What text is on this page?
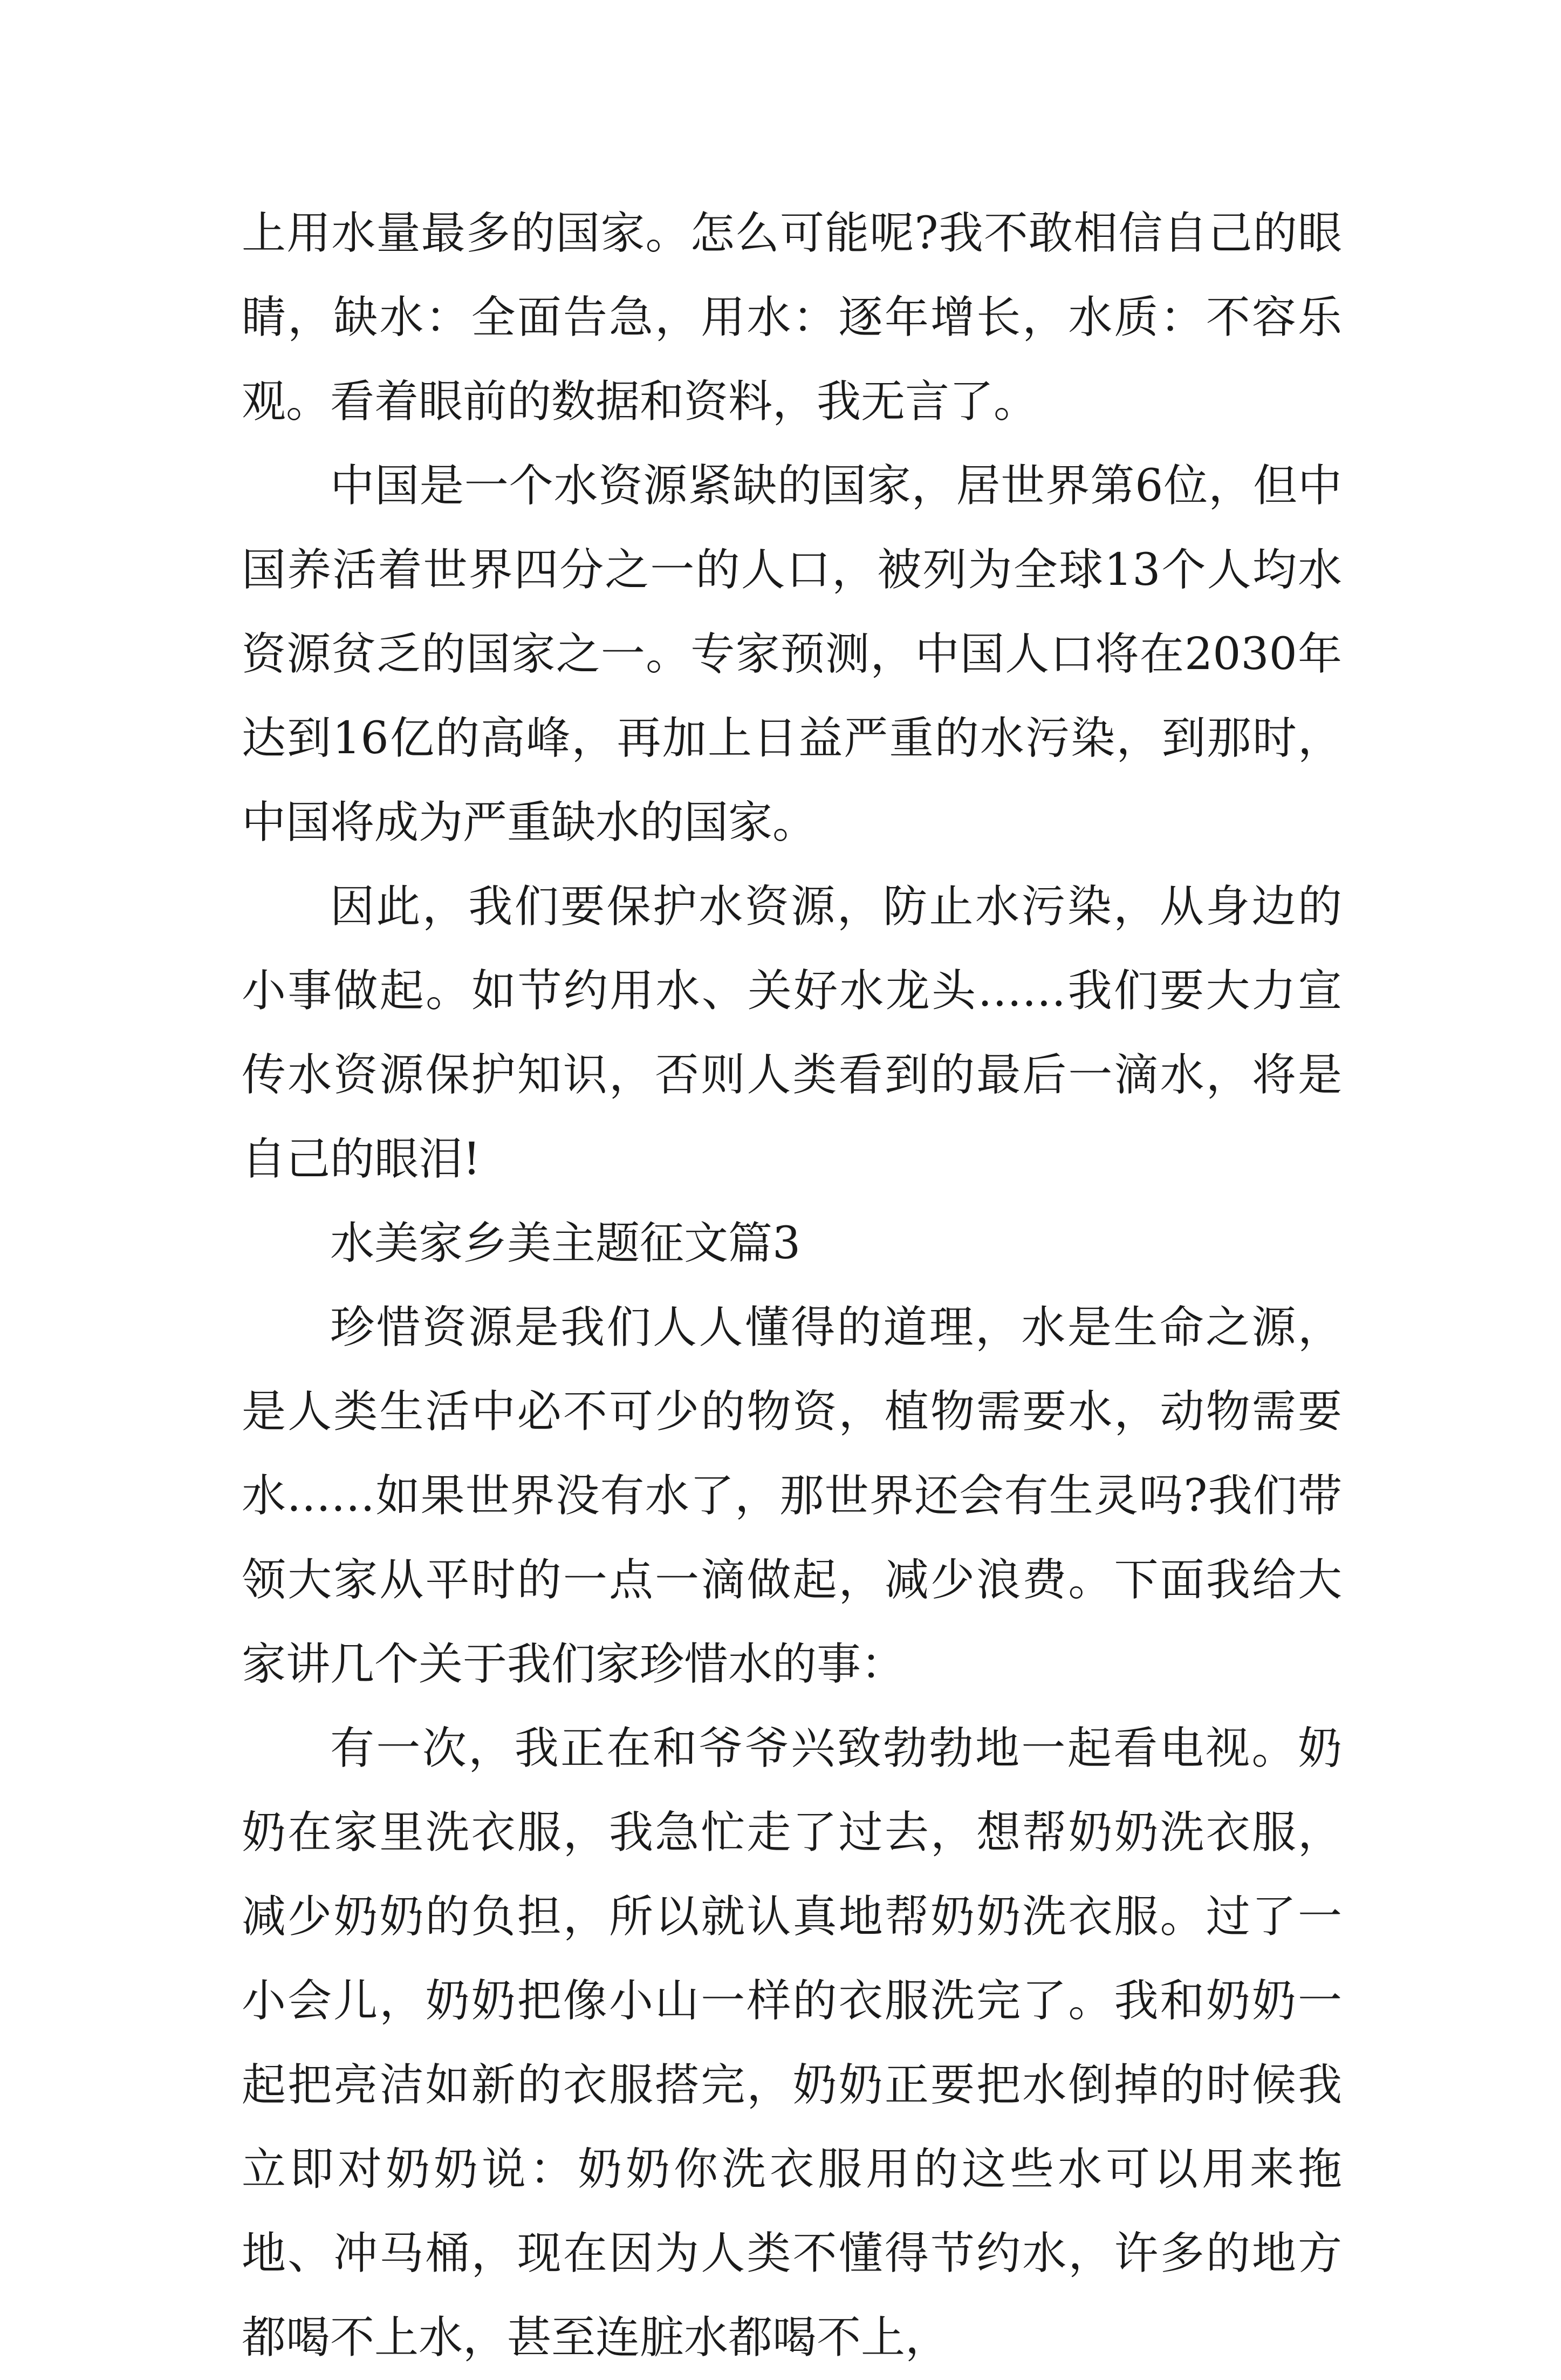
上用水量最多的国家。怎么可能呢?我不敢相信自己的眼睛，缺水：全面告急，用水：逐年增长，水质：不容乐观。看着眼前的数据和资料，我无言了。

中国是一个水资源紧缺的国家，居世界第6位，但中国养活着世界四分之一的人口，被列为全球13个人均水资源贫乏的国家之一。专家预测，中国人口将在2030年达到16亿的高峰，再加上日益严重的水污染，到那时，中国将成为严重缺水的国家。

因此，我们要保护水资源，防止水污染，从身边的小事做起。如节约用水、关好水龙头……我们要大力宣传水资源保护知识，否则人类看到的最后一滴水，将是自己的眼泪!

水美家乡美主题征文篇3

珍惜资源是我们人人懂得的道理，水是生命之源，是人类生活中必不可少的物资，植物需要水，动物需要水……如果世界没有水了，那世界还会有生灵吗?我们带领大家从平时的一点一滴做起，减少浪费。下面我给大家讲几个关于我们家珍惜水的事：

有一次，我正在和爷爷兴致勃勃地一起看电视。奶奶在家里洗衣服，我急忙走了过去，想帮奶奶洗衣服，减少奶奶的负担，所以就认真地帮奶奶洗衣服。过了一小会儿，奶奶把像小山一样的衣服洗完了。我和奶奶一起把亮洁如新的衣服搭完，奶奶正要把水倒掉的时候我立即对奶奶说：奶奶你洗衣服用的这些水可以用来拖地、冲马桶，现在因为人类不懂得节约水，许多的地方都喝不上水，甚至连脏水都喝不上，
